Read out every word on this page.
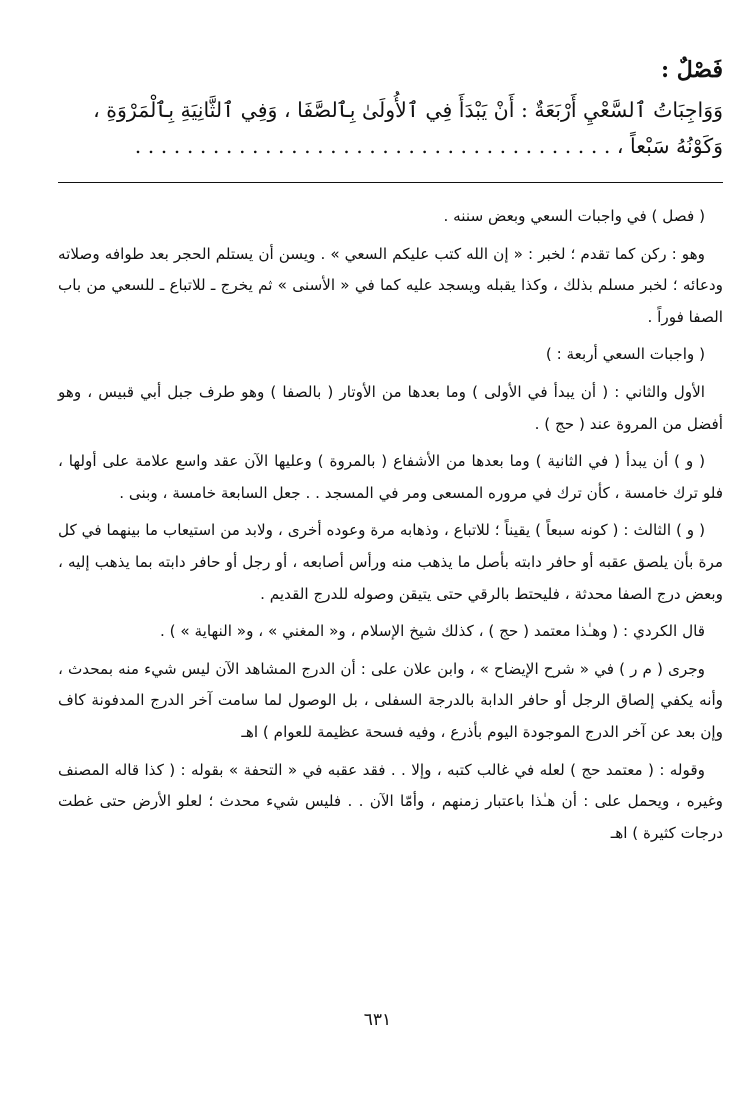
فَصْلٌ :
وَوَاجِبَاتُ ٱلسَّعْيِ أَرْبَعَةٌ : أَنْ يَبْدَأَ فِي ٱلأُولَىٰ بِٱلصَّفَا ، وَفِي ٱلثَّانِيَةِ بِٱلْمَرْوَةِ ،
وَكَوْنُهُ سَبْعاً ، . . . . . . . . . . . . . . . . . . . . . . . . . . . . . . . . . . . . .

( فصل ) في واجبات السعي وبعض سننه .

وهو : ركن كما تقدم ؛ لخبر : « إن الله كتب عليكم السعي » . ويسن أن يستلم الحجر بعد طوافه وصلاته ودعائه ؛ لخبر مسلم بذلك ، وكذا يقبله ويسجد عليه كما في « الأسنى » ثم يخرج ـ للاتباع ـ للسعي من باب الصفا فوراً .

( واجبات السعي أربعة : )

الأول والثاني : ( أن يبدأ في الأولى ) وما بعدها من الأوتار ( بالصفا ) وهو طرف جبل أبي قبيس ، وهو أفضل من المروة عند ( حج ) .

( و ) أن يبدأ ( في الثانية ) وما بعدها من الأشفاع ( بالمروة ) وعليها الآن عقد واسع علامة على أولها ، فلو ترك خامسة ، كأن ترك في مروره المسعى ومر في المسجد . . جعل السابعة خامسة ، وبنى .

( و ) الثالث : ( كونه سبعاً ) يقيناً ؛ للاتباع ، وذهابه مرة وعوده أخرى ، ولابد من استيعاب ما بينهما في كل مرة بأن يلصق عقبه أو حافر دابته بأصل ما يذهب منه ورأس أصابعه ، أو رجل أو حافر دابته بما يذهب إليه ، وبعض درج الصفا محدثة ، فليحتط بالرقي حتى يتيقن وصوله للدرج القديم .

قال الكردي : ( وهـٰذا معتمد ( حج ) ، كذلك شيخ الإسلام ، و« المغني » ، و« النهاية » ) .

وجرى ( م ر ) في « شرح الإيضاح » ، وابن علان على : أن الدرج المشاهد الآن ليس شيء منه بمحدث ، وأنه يكفي إلصاق الرجل أو حافر الدابة بالدرجة السفلى ، بل الوصول لما سامت آخر الدرج المدفونة كاف وإن بعد عن آخر الدرج الموجودة اليوم بأذرع ، وفيه فسحة عظيمة للعوام ) اهـ

وقوله : ( معتمد حج ) لعله في غالب كتبه ، وإلا . . فقد عقبه في « التحفة » بقوله : ( كذا قاله المصنف وغيره ، ويحمل على : أن هـٰذا باعتبار زمنهم ، وأمّا الآن . . فليس شيء محدث ؛ لعلو الأرض حتى غطت درجات كثيرة ) اهـ

٦٣١
